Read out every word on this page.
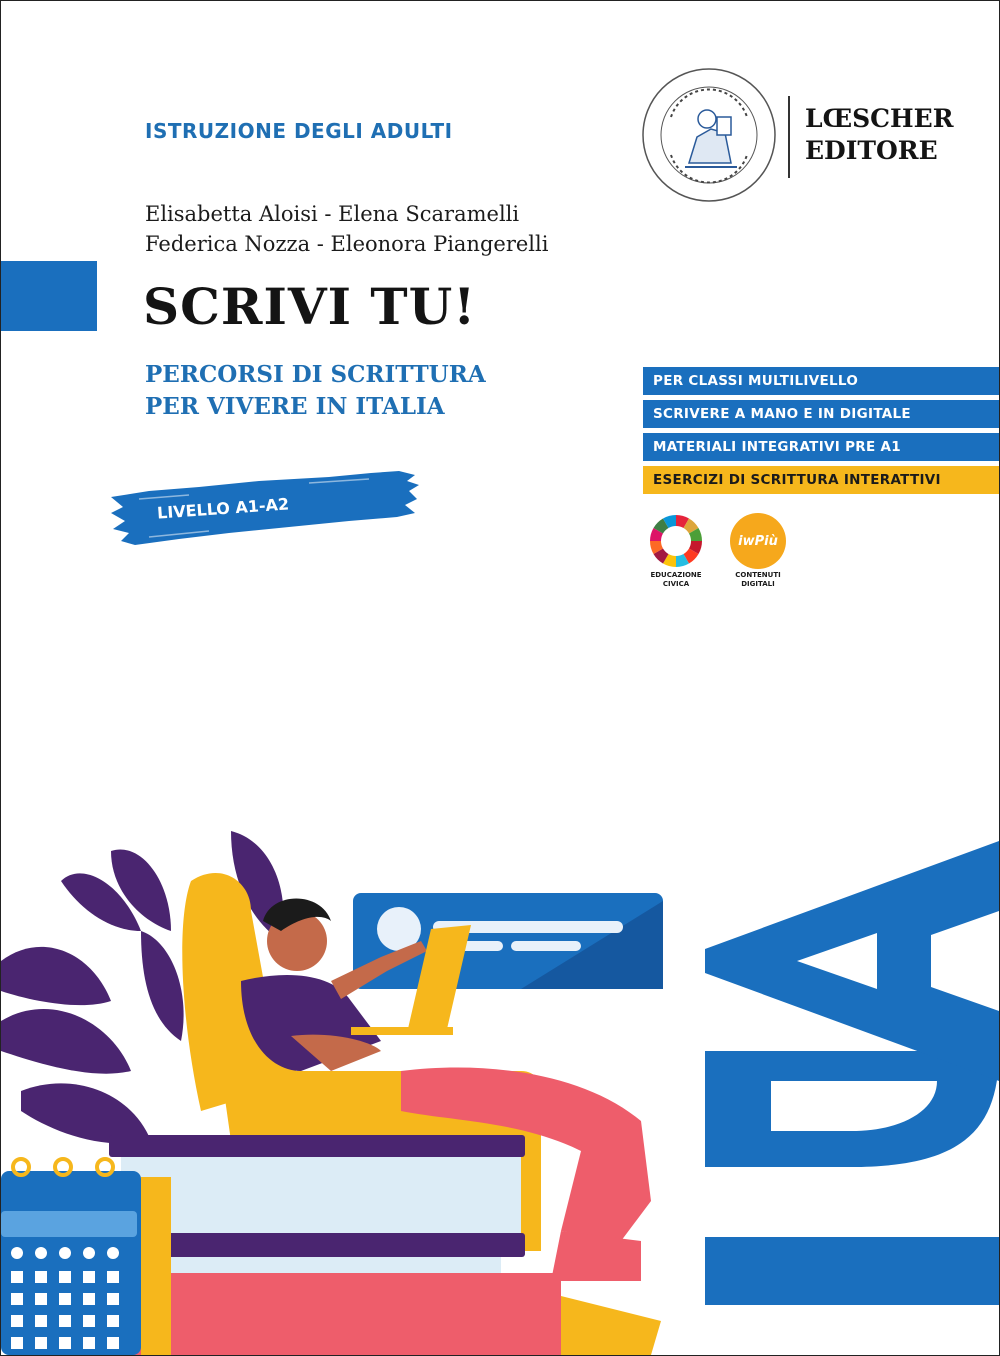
ISTRUZIONE DEGLI ADULTI
Elisabetta Aloisi - Elena Scaramelli
Federica Nozza - Eleonora Piangerelli
SCRIVI TU!
PERCORSI DI SCRITTURA
PER VIVERE IN ITALIA
LIVELLO A1-A2
LŒSCHER
EDITORE
PER CLASSI MULTILIVELLO
SCRIVERE A MANO E IN DIGITALE
MATERIALI INTEGRATIVI PRE A1
ESERCIZI DI SCRITTURA INTERATTIVI
EDUCAZIONE
CIVICA
iwPiù
CONTENUTI
DIGITALI
